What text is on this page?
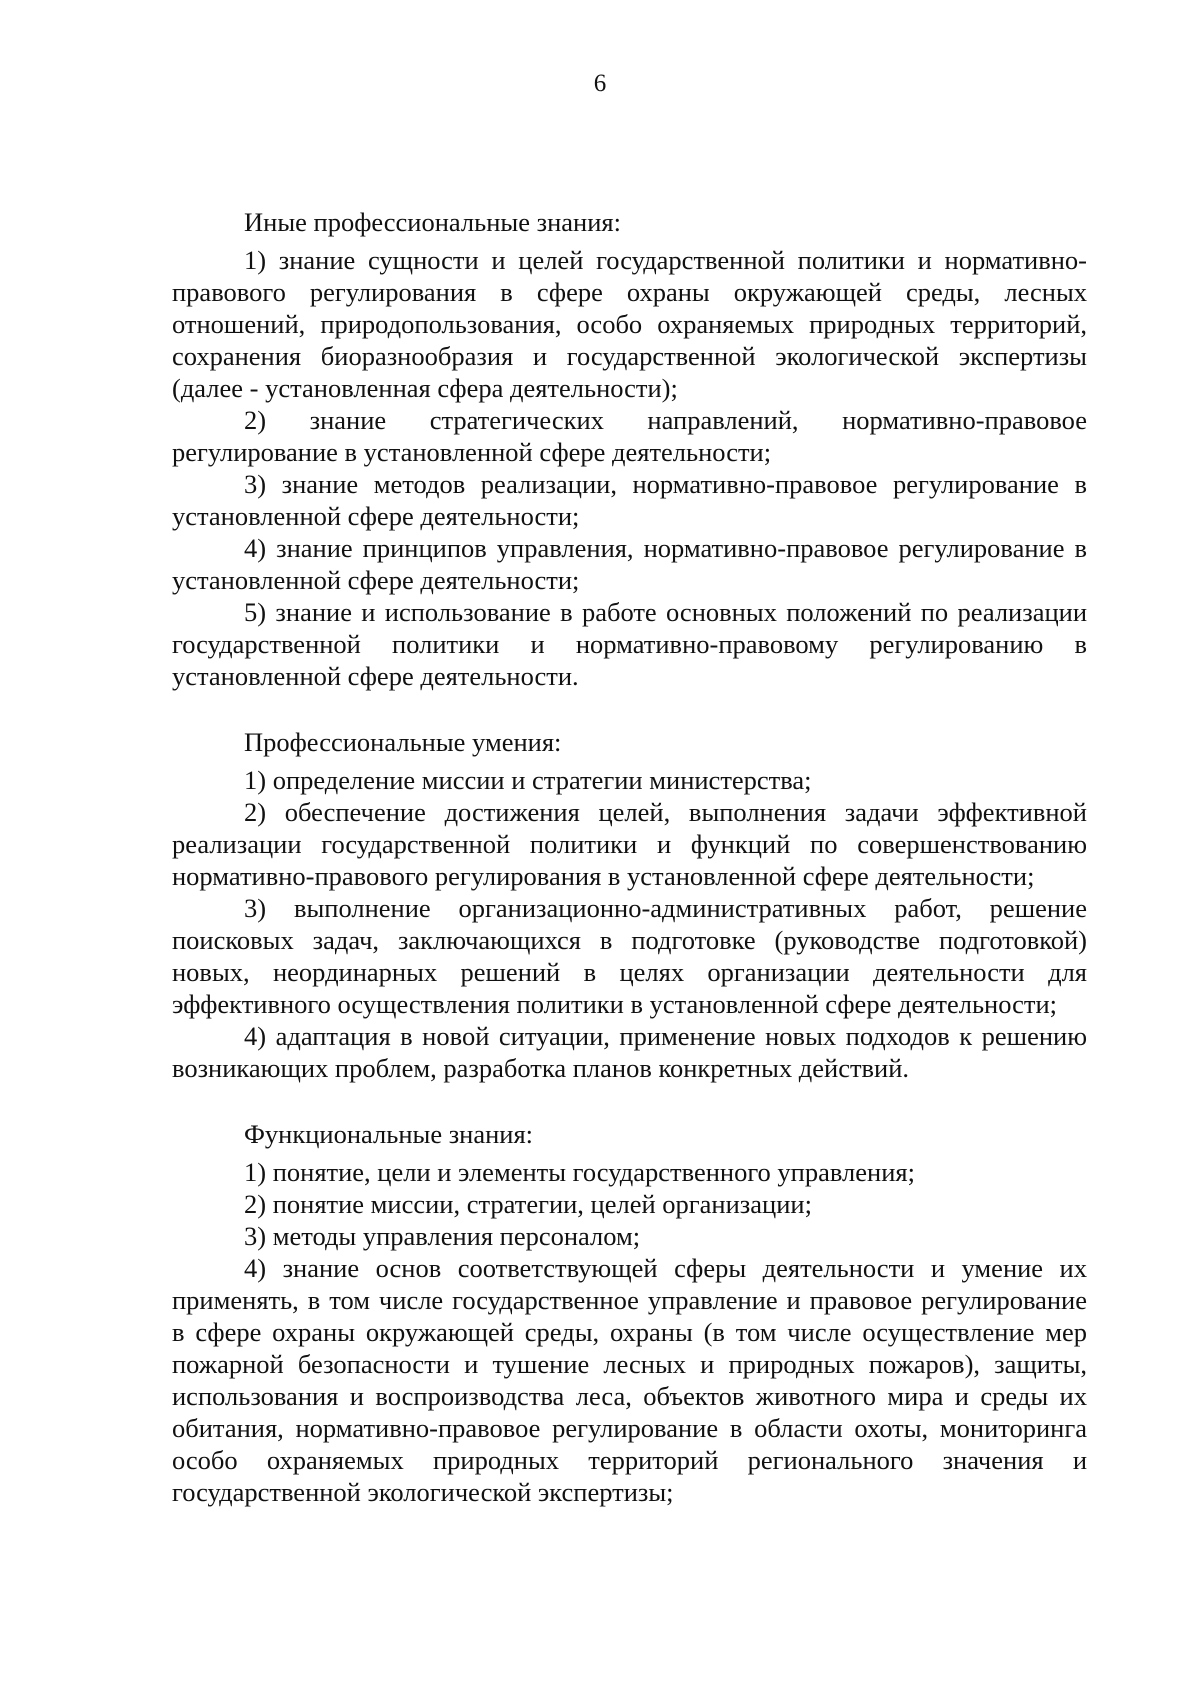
6

Иные профессиональные знания:

1) знание сущности и целей государственной политики и нормативно-правового регулирования в сфере охраны окружающей среды, лесных отношений, природопользования, особо охраняемых природных территорий, сохранения биоразнообразия и государственной экологической экспертизы (далее - установленная сфера деятельности);

2) знание стратегических направлений, нормативно-правовое регулирование в установленной сфере деятельности;

3) знание методов реализации, нормативно-правовое регулирование в установленной сфере деятельности;

4) знание принципов управления, нормативно-правовое регулирование в установленной сфере деятельности;

5) знание и использование в работе основных положений по реализации государственной политики и нормативно-правовому регулированию в установленной сфере деятельности.

Профессиональные умения:

1) определение миссии и стратегии министерства;

2) обеспечение достижения целей, выполнения задачи эффективной реализации государственной политики и функций по совершенствованию нормативно-правового регулирования в установленной сфере деятельности;

3) выполнение организационно-административных работ, решение поисковых задач, заключающихся в подготовке (руководстве подготовкой) новых, неординарных решений в целях организации деятельности для эффективного осуществления политики в установленной сфере деятельности;

4) адаптация в новой ситуации, применение новых подходов к решению возникающих проблем, разработка планов конкретных действий.

Функциональные знания:

1) понятие, цели и элементы государственного управления;

2) понятие миссии, стратегии, целей организации;

3) методы управления персоналом;

4) знание основ соответствующей сферы деятельности и умение их применять, в том числе государственное управление и правовое регулирование в сфере охраны окружающей среды, охраны (в том числе осуществление мер пожарной безопасности и тушение лесных и природных пожаров), защиты, использования и воспроизводства леса, объектов животного мира и среды их обитания, нормативно-правовое регулирование в области охоты, мониторинга особо охраняемых природных территорий регионального значения и государственной экологической экспертизы;
